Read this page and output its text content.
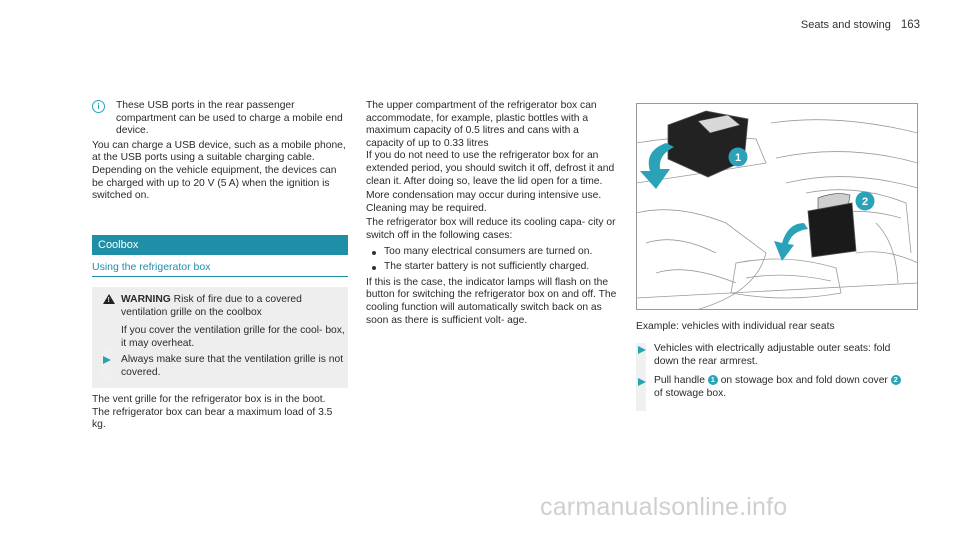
Seats and stowing 163
i	These USB ports in the rear passenger compartment can be used to charge a mobile end device.

You can charge a USB device, such as a mobile phone, at the USB ports using a suitable charging cable. Depending on the vehicle equipment, the devices can be charged with up to 20 V (5 A) when the ignition is switched on.

Coolbox
Using the refrigerator box
!
WARNING Risk of fire due to a covered ventilation grille on the coolbox

If you cover the ventilation grille for the cool- box, it may overheat.

Always make sure that the ventilation grille is not covered.

The vent grille for the refrigerator box is in the boot.

The refrigerator box can bear a maximum load of 3.5 kg.

The upper compartment of the refrigerator box can accommodate, for example, plastic bottles with a maximum capacity of 0.5 litres and cans with a capacity of up to 0.33 litres

If you do not need to use the refrigerator box for an extended period, you should switch it off, defrost it and clean it. After doing so, leave the lid open for a time.

More condensation may occur during intensive use. Cleaning may be required.

The refrigerator box will reduce its cooling capa- city or switch off in the following cases:

Too many electrical consumers are turned on.
The starter battery is not sufficiently charged.

If this is the case, the indicator lamps will flash on the button for switching the refrigerator box on and off. The cooling function will automatically switch back on as soon as there is sufficient volt- age.

1
2

Example: vehicles with individual rear seats

Vehicles with electrically adjustable outer seats: fold down the rear armrest.

Pull handle 1 on stowage box and fold down cover 2 of stowage box.

carmanualsonline.info
